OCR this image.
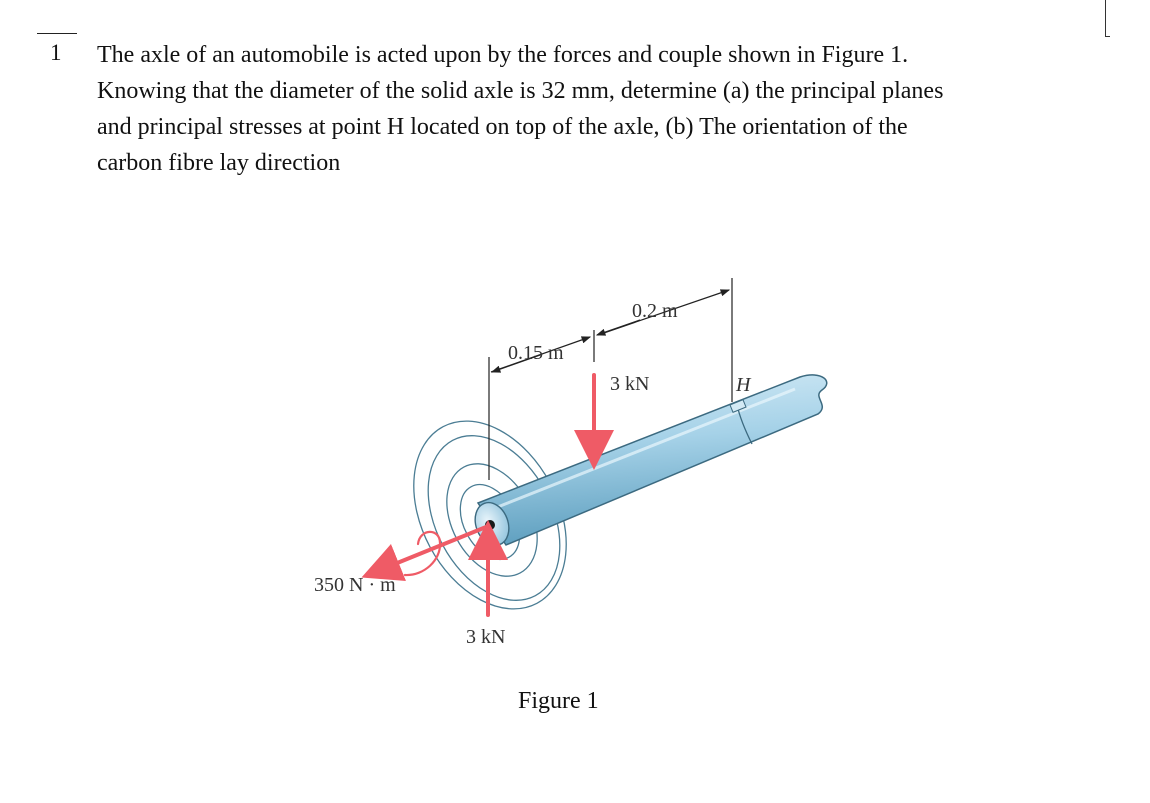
1 The axle of an automobile is acted upon by the forces and couple shown in Figure 1.
Knowing that the diameter of the solid axle is 32 mm, determine (a) the principal planes
and principal stresses at point H located on top of the axle, (b) The orientation of the
carbon fibre lay direction
0.15 m
0.2 m
3 kN	H
350 N · m
3 kN
Figure 1
